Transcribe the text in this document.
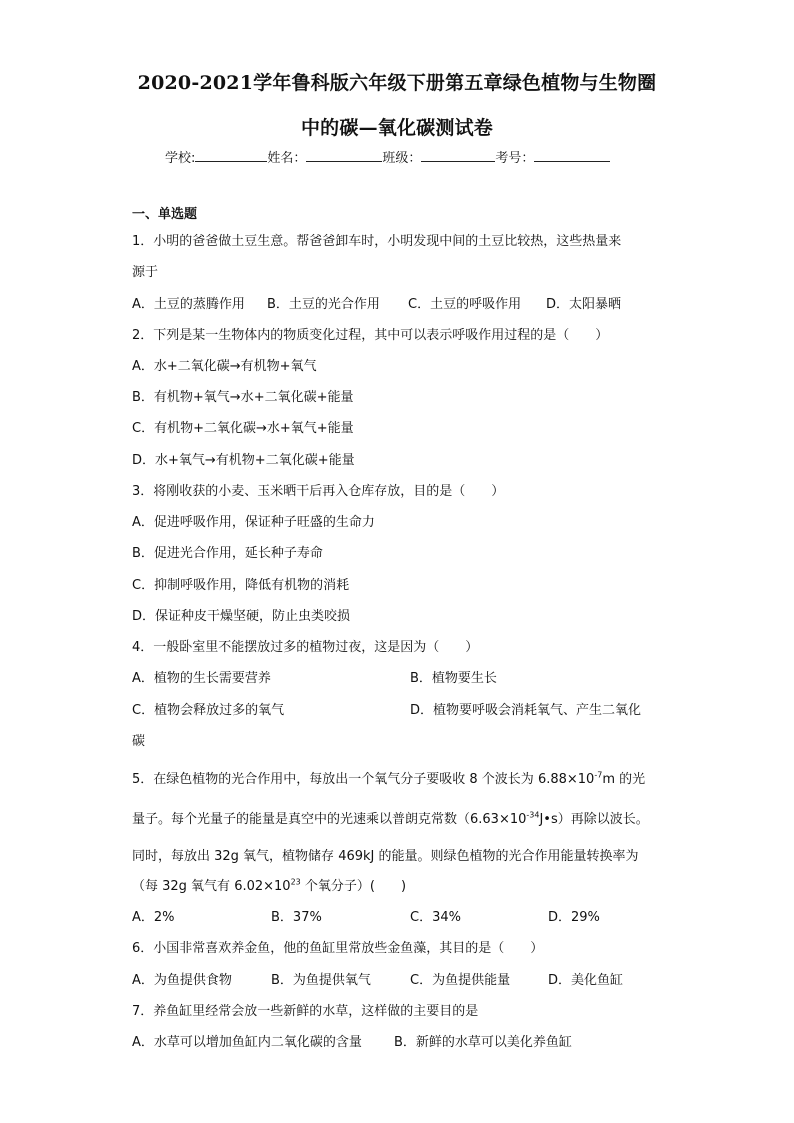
2020-2021学年鲁科版六年级下册第五章绿色植物与生物圈
中的碳—氧化碳测试卷
学校:	姓名：	班级：	考号：
一、单选题
1．小明的爸爸做土豆生意。帮爸爸卸车时，小明发现中间的土豆比较热，这些热量来
源于
A．土豆的蒸腾作用 B．土豆的光合作用 C．土豆的呼吸作用 D．太阳暴晒
2．下列是某一生物体内的物质变化过程，其中可以表示呼吸作用过程的是（　　）
A．水+二氧化碳→有机物+氧气
B．有机物+氧气→水+二氧化碳+能量
C．有机物+二氧化碳→水+氧气+能量
D．水+氧气→有机物+二氧化碳+能量
3．将刚收获的小麦、玉米晒干后再入仓库存放，目的是（　　）
A．促进呼吸作用，保证种子旺盛的生命力
B．促进光合作用，延长种子寿命
C．抑制呼吸作用，降低有机物的消耗
D．保证种皮干燥坚硬，防止虫类咬损
4．一般卧室里不能摆放过多的植物过夜，这是因为（　　）
A．植物的生长需要营养	B．植物要生长
C．植物会释放过多的氧气	D．植物要呼吸会消耗氧气、产生二氧化
碳
5．在绿色植物的光合作用中，每放出一个氧气分子要吸收 8 个波长为 $6.88\times 10^{-7}m$ 的光
量子。每个光量子的能量是真空中的光速乘以普朗克常数$(6.63\times 10^{-34}J•s)$再除以波长。
同时，每放出 32g 氧气，植物储存 469kJ 的能量。则绿色植物的光合作用能量转换率为
（每 32g 氧气有 $6.02\times 10^{23}$ 个氧分子）(　　)
A．2%	B．37%	C．34%	D．29%
6．小国非常喜欢养金鱼，他的鱼缸里常放些金鱼藻，其目的是（　　）
A．为鱼提供食物	B．为鱼提供氧气	C．为鱼提供能量	D．美化鱼缸
7．养鱼缸里经常会放一些新鲜的水草，这样做的主要目的是
A．水草可以增加鱼缸内二氧化碳的含量 B．新鲜的水草可以美化养鱼缸
